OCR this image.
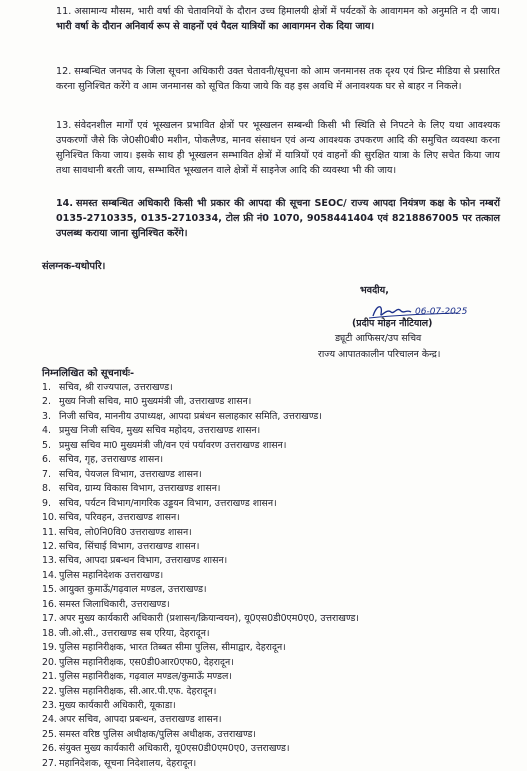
11. असामान्य मौसम, भारी वर्षा की चेतावनियों के दौरान उच्च हिमालयी क्षेत्रों में पर्यटकों के आवागमन को अनुमति न दी जाय। भारी वर्षा के दौरान अनिवार्य रूप से वाहनों एवं पैदल यात्रियों का आवागमन रोक दिया जाय।
12. सम्बन्धित जनपद के जिला सूचना अधिकारी उक्त चेतावनी/सूचना को आम जनमानस तक दृश्य एवं प्रिन्ट मीडिया से प्रसारित करना सुनिश्चित करेंगे व आम जनमानस को सूचित किया जाये कि वह इस अवधि में अनावश्यक घर से बाहर न निकले।
13. संवेदनशील मार्गों एवं भूस्खलन प्रभावित क्षेत्रों पर भूस्खलन सम्बन्धी किसी भी स्थिति से निपटने के लिए यथा आवश्यक उपकरणों जैसे कि जे0सी0बी0 मशीन, पोकलैण्ड, मानव संसाधन एवं अन्य आवश्यक उपकरण आदि की समुचित व्यवस्था करना सुनिश्चित किया जाय। इसके साथ ही भूस्खलन सम्भावित क्षेत्रों में यात्रियों एवं वाहनों की सुरक्षित यात्रा के लिए सचेत किया जाय तथा सावधानी बरती जाय, सम्भावित भूस्खलन वाले क्षेत्रों में साइनेज आदि की व्यवस्था भी की जाय।
14. समस्त सम्बन्धित अधिकारी किसी भी प्रकार की आपदा की सूचना SEOC/ राज्य आपदा नियंत्रण कक्ष के फोन नम्बरों 0135-2710335, 0135-2710334, टोल फ्री नं0 1070, 9058441404 एवं 8218867005 पर तत्काल उपलब्ध कराया जाना सुनिश्चित करेंगे।
संलग्नक-यथोपरि।
भवदीय,
06-07-2025
(प्रदीप मोहन नौटियाल)
ड्यूटी आफिसर/उप सचिव
राज्य आपातकालीन परिचालन केन्द्र।
निम्नलिखित को सूचनार्थः-
1. सचिव, श्री राज्यपाल, उत्तराखण्ड।
2. मुख्य निजी सचिव, मा0 मुख्यमंत्री जी, उत्तराखण्ड शासन।
3. निजी सचिव, माननीय उपाध्यक्ष, आपदा प्रबंधन सलाहकार समिति, उत्तराखण्ड।
4. प्रमुख निजी सचिव, मुख्य सचिव महोदय, उत्तराखण्ड शासन।
5. प्रमुख सचिव मा0 मुख्यमंत्री जी/वन एवं पर्यावरण उत्तराखण्ड शासन।
6. सचिव, गृह, उत्तराखण्ड शासन।
7. सचिव, पेयजल विभाग, उत्तराखण्ड शासन।
8. सचिव, ग्राम्य विकास विभाग, उत्तराखण्ड शासन।
9. सचिव, पर्यटन विभाग/नागरिक उड्डयन विभाग, उत्तराखण्ड शासन।
10. सचिव, परिवहन, उत्तराखण्ड शासन।
11. सचिव, लो0नि0वि0 उत्तराखण्ड शासन।
12. सचिव, सिंचाई विभाग, उत्तराखण्ड शासन।
13. सचिव, आपदा प्रबन्धन विभाग, उत्तराखण्ड शासन।
14. पुलिस महानिदेशक उत्तराखण्ड।
15. आयुक्त कुमाऊँ/गढ़वाल मण्डल, उत्तराखण्ड।
16. समस्त जिलाधिकारी, उत्तराखण्ड।
17. अपर मुख्य कार्यकारी अधिकारी (प्रशासन/क्रियान्वयन), यू0एस0डी0एम0ए0, उत्तराखण्ड।
18. जी.ओ.सी., उत्तराखण्ड सब एरिया, देहरादून।
19. पुलिस महानिरीक्षक, भारत तिब्बत सीमा पुलिस, सीमाद्वार, देहरादून।
20. पुलिस महानिरीक्षक, एस0डी0आर0एफ0, देहरादून।
21. पुलिस महानिरीक्षक, गढ़वाल मण्डल/कुमाऊँ मण्डल।
22. पुलिस महानिरीक्षक, सी.आर.पी.एफ. देहरादून।
23. मुख्य कार्यकारी अधिकारी, यूकाडा।
24. अपर सचिव, आपदा प्रबन्धन, उत्तराखण्ड शासन।
25. समस्त वरिष्ठ पुलिस अधीक्षक/पुलिस अधीक्षक, उत्तराखण्ड।
26. संयुक्त मुख्य कार्यकारी अधिकारी, यू0एस0डी0एम0ए0, उत्तराखण्ड।
27. महानिदेशक, सूचना निदेशालय, देहरादून।
